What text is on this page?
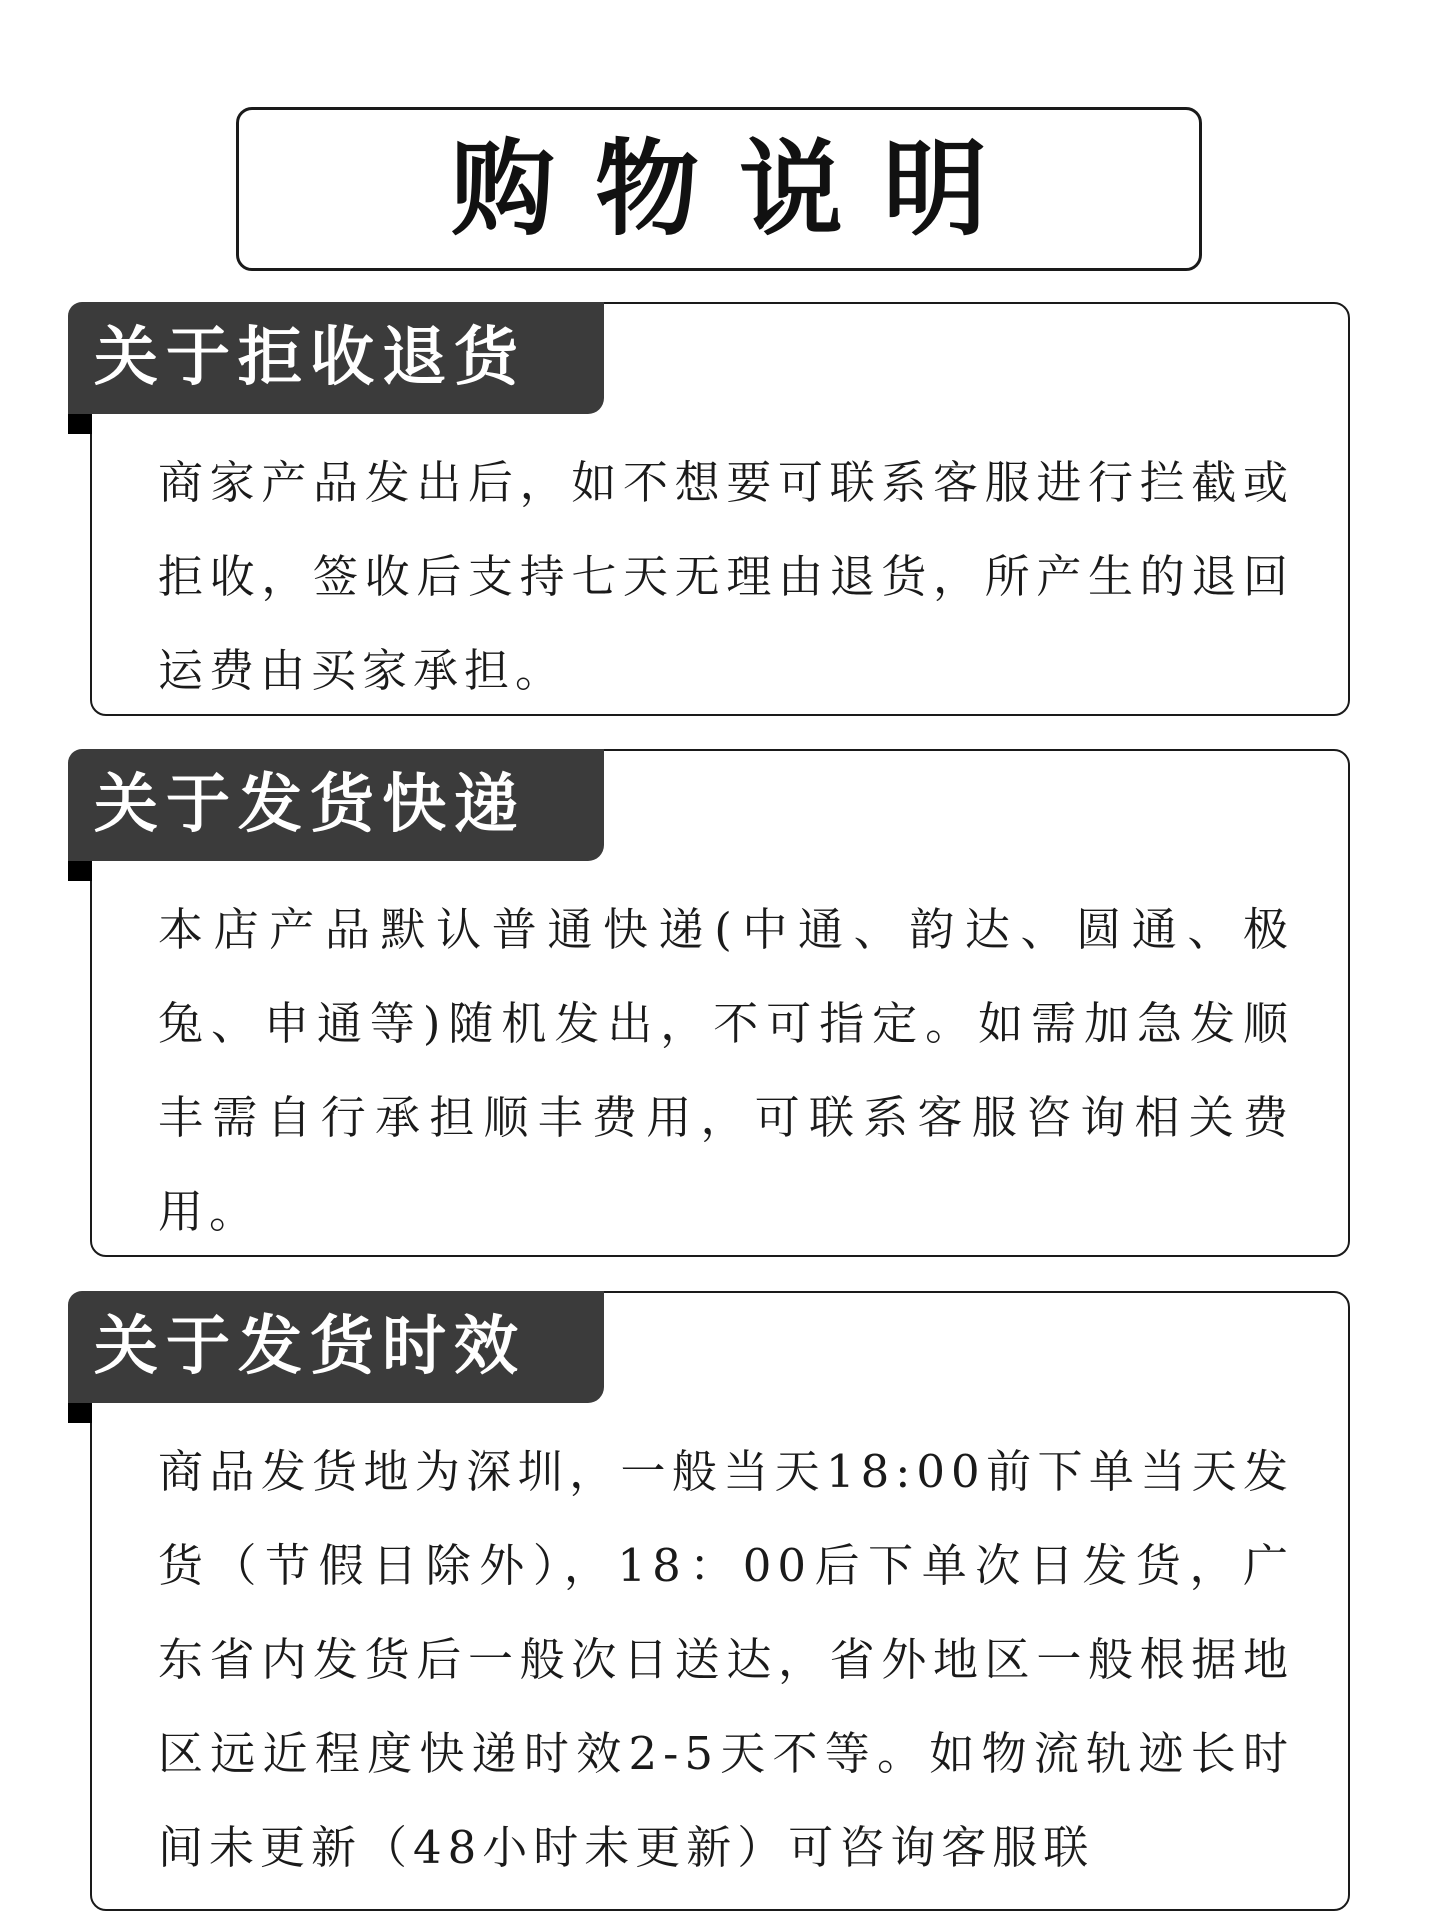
购物说明
关于拒收退货
商家产品发出后，如不想要可联系客服进行拦截或拒收，签收后支持七天无理由退货，所产生的退回运费由买家承担。
关于发货快递
本店产品默认普通快递(中通、韵达、圆通、极兔、申通等)随机发出，不可指定。如需加急发顺丰需自行承担顺丰费用，可联系客服咨询相关费用。
关于发货时效
商品发货地为深圳，一般当天18:00前下单当天发货（节假日除外），18：00后下单次日发货，广东省内发货后一般次日送达，省外地区一般根据地区远近程度快递时效2-5天不等。如物流轨迹长时间未更新（48小时未更新）可咨询客服联
